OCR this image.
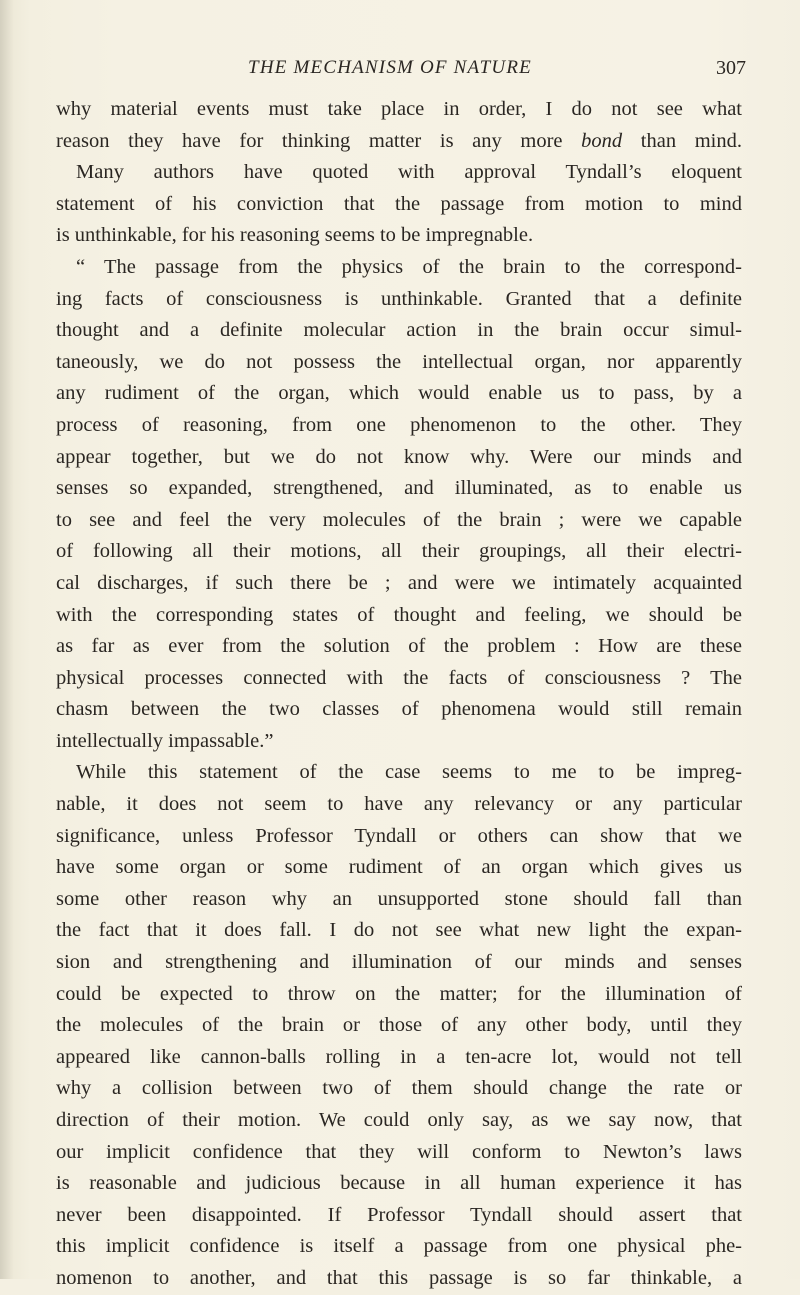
THE MECHANISM OF NATURE	307
why material events must take place in order, I do not see what
reason they have for thinking matter is any more bond than mind.
Many authors have quoted with approval Tyndall’s eloquent
statement of his conviction that the passage from motion to mind
is unthinkable, for his reasoning seems to be impregnable.
“ The passage from the physics of the brain to the correspond-
ing facts of consciousness is unthinkable. Granted that a definite
thought and a definite molecular action in the brain occur simul-
taneously, we do not possess the intellectual organ, nor apparently
any rudiment of the organ, which would enable us to pass, by a
process of reasoning, from one phenomenon to the other. They
appear together, but we do not know why. Were our minds and
senses so expanded, strengthened, and illuminated, as to enable us
to see and feel the very molecules of the brain ; were we capable
of following all their motions, all their groupings, all their electri-
cal discharges, if such there be ; and were we intimately acquainted
with the corresponding states of thought and feeling, we should be
as far as ever from the solution of the problem : How are these
physical processes connected with the facts of consciousness ? The
chasm between the two classes of phenomena would still remain
intellectually impassable.”
While this statement of the case seems to me to be impreg-
nable, it does not seem to have any relevancy or any particular
significance, unless Professor Tyndall or others can show that we
have some organ or some rudiment of an organ which gives us
some other reason why an unsupported stone should fall than
the fact that it does fall. I do not see what new light the expan-
sion and strengthening and illumination of our minds and senses
could be expected to throw on the matter; for the illumination of
the molecules of the brain or those of any other body, until they
appeared like cannon-balls rolling in a ten-acre lot, would not tell
why a collision between two of them should change the rate or
direction of their motion. We could only say, as we say now, that
our implicit confidence that they will conform to Newton’s laws
is reasonable and judicious because in all human experience it has
never been disappointed. If Professor Tyndall should assert that
this implicit confidence is itself a passage from one physical phe-
nomenon to another, and that this passage is so far thinkable, a
